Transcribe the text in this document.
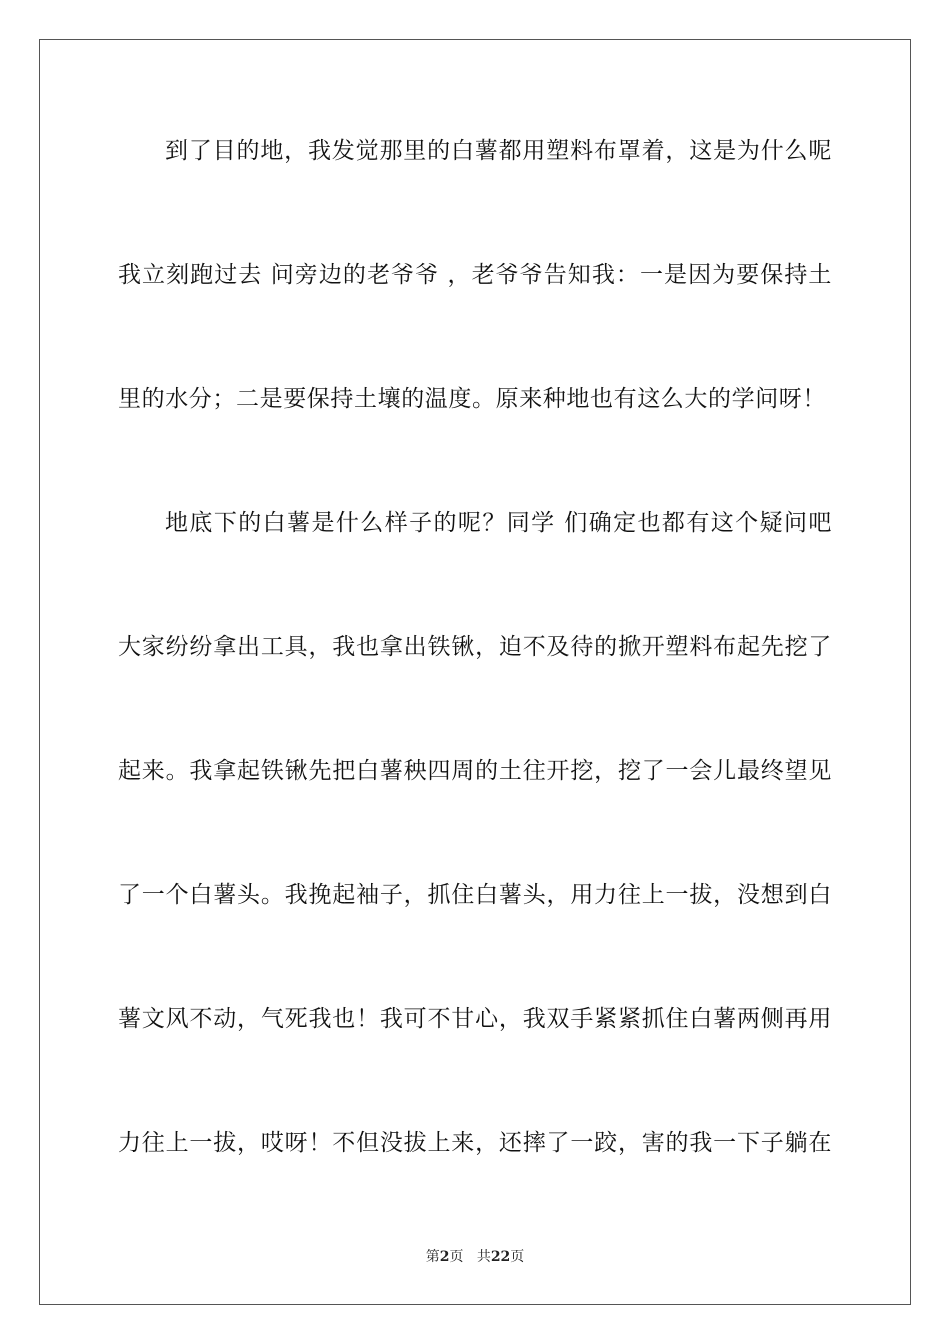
到了目的地，我发觉那里的白薯都用塑料布罩着，这是为什么呢
我立刻跑过去 问旁边的老爷爷 ，老爷爷告知我：一是因为要保持土
里的水分；二是要保持土壤的温度。原来种地也有这么大的学问呀！
地底下的白薯是什么样子的呢？同学 们确定也都有这个疑问吧
大家纷纷拿出工具，我也拿出铁锹，迫不及待的掀开塑料布起先挖了
起来。我拿起铁锹先把白薯秧四周的土往开挖，挖了一会儿最终望见
了一个白薯头。我挽起袖子，抓住白薯头，用力往上一拔，没想到白
薯文风不动，气死我也！我可不甘心，我双手紧紧抓住白薯两侧再用
力往上一拔，哎呀！不但没拔上来，还摔了一跤，害的我一下子躺在
第2页 共22页
